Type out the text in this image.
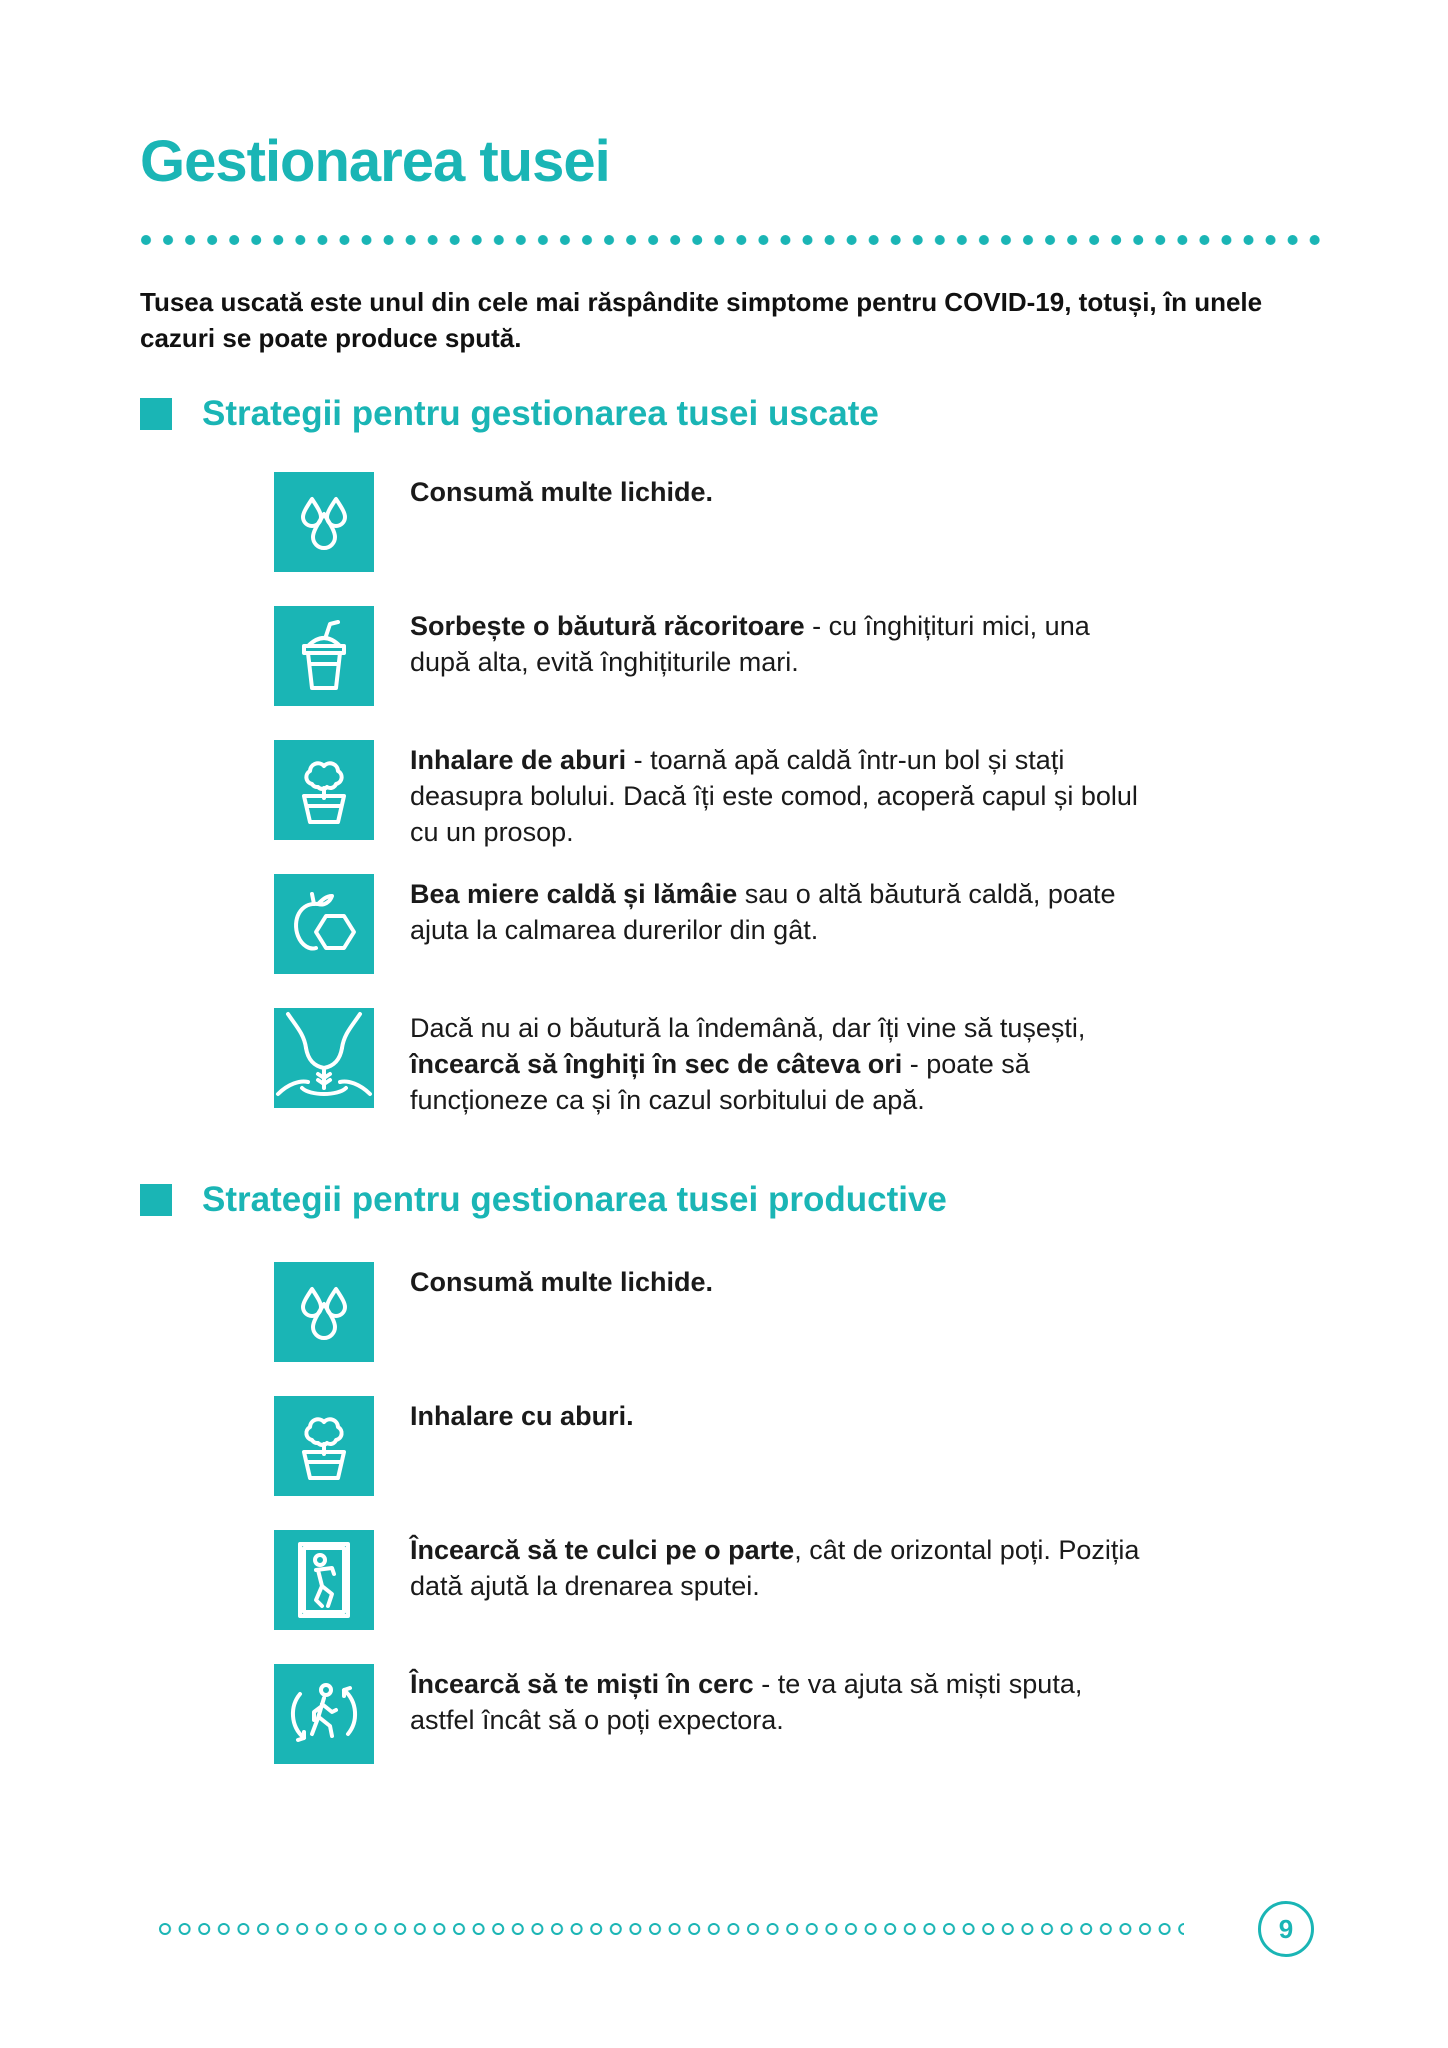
Gestionarea tusei

Tusea uscată este unul din cele mai răspândite simptome pentru COVID-19, totuși, în unele cazuri se poate produce spută.

Strategii pentru gestionarea tusei uscate

Consumă multe lichide.

Sorbește o băutură răcoritoare - cu înghițituri mici, una după alta, evită înghițiturile mari.

Inhalare de aburi - toarnă apă caldă într-un bol și stați deasupra bolului. Dacă îți este comod, acoperă capul și bolul cu un prosop.

Bea miere caldă și lămâie sau o altă băutură caldă, poate ajuta la calmarea durerilor din gât.

Dacă nu ai o băutură la îndemână, dar îți vine să tușești, încearcă să înghiți în sec de câteva ori - poate să funcționeze ca și în cazul sorbitului de apă.

Strategii pentru gestionarea tusei productive

Consumă multe lichide.

Inhalare cu aburi.

Încearcă să te culci pe o parte, cât de orizontal poți. Poziția dată ajută la drenarea sputei.

Încearcă să te miști în cerc - te va ajuta să miști sputa, astfel încât să o poți expectora.

9
